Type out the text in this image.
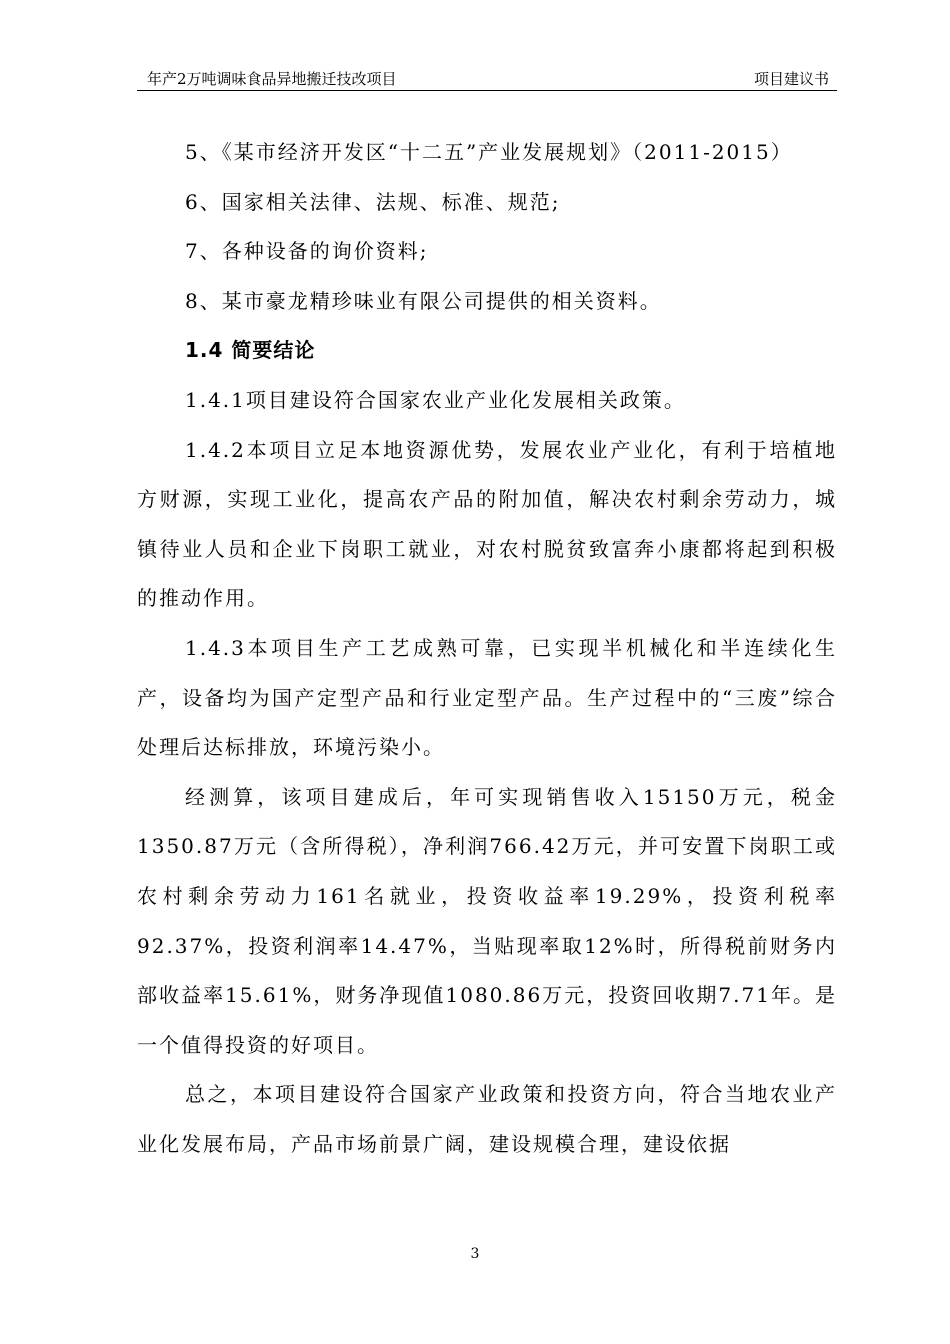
年产2万吨调味食品异地搬迁技改项目	项目建议书

5、《某市经济开发区“十二五”产业发展规划》（2011-2015）

6、国家相关法律、法规、标准、规范;

7、各种设备的询价资料;

8、某市豪龙精珍味业有限公司提供的相关资料。

1.4 简要结论

1.4.1项目建设符合国家农业产业化发展相关政策。

1.4.2本项目立足本地资源优势，发展农业产业化，有利于培植地方财源，实现工业化，提高农产品的附加值，解决农村剩余劳动力，城镇待业人员和企业下岗职工就业，对农村脱贫致富奔小康都将起到积极的推动作用。

1.4.3本项目生产工艺成熟可靠，已实现半机械化和半连续化生产，设备均为国产定型产品和行业定型产品。生产过程中的“三废”综合处理后达标排放，环境污染小。

经测算，该项目建成后，年可实现销售收入15150万元，税金1350.87万元（含所得税），净利润766.42万元，并可安置下岗职工或农村剩余劳动力161名就业，投资收益率19.29%，投资利税率92.37%，投资利润率14.47%，当贴现率取12%时，所得税前财务内部收益率15.61%，财务净现值1080.86万元，投资回收期7.71年。是一个值得投资的好项目。

总之，本项目建设符合国家产业政策和投资方向，符合当地农业产业化发展布局，产品市场前景广阔，建设规模合理，建设依据

3
